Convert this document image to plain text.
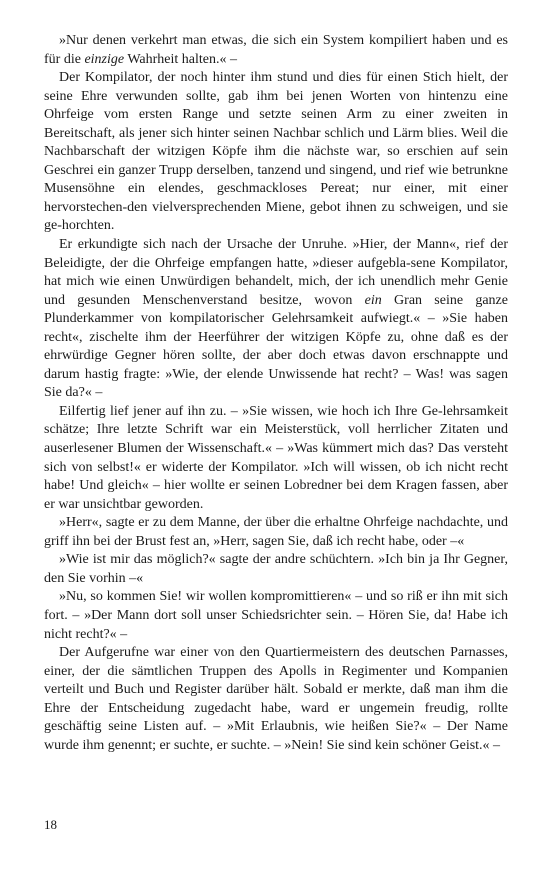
»Nur denen verkehrt man etwas, die sich ein System kompiliert haben und es für die einzige Wahrheit halten.« –

Der Kompilator, der noch hinter ihm stund und dies für einen Stich hielt, der seine Ehre verwunden sollte, gab ihm bei jenen Worten von hintenzu eine Ohrfeige vom ersten Range und setzte seinen Arm zu einer zweiten in Bereitschaft, als jener sich hinter seinen Nachbar schlich und Lärm blies. Weil die Nachbarschaft der witzigen Köpfe ihm die nächste war, so erschien auf sein Geschrei ein ganzer Trupp derselben, tanzend und singend, und rief wie betrunkne Musensöhne ein elendes, geschmackloses Pereat; nur einer, mit einer hervorstechen-den vielversprechenden Miene, gebot ihnen zu schweigen, und sie ge-horchten.

Er erkundigte sich nach der Ursache der Unruhe. »Hier, der Mann«, rief der Beleidigte, der die Ohrfeige empfangen hatte, »dieser aufgebla-sene Kompilator, hat mich wie einen Unwürdigen behandelt, mich, der ich unendlich mehr Genie und gesunden Menschenverstand besitze, wovon ein Gran seine ganze Plunderkammer von kompilatorischer Gelehrsamkeit aufwiegt.« – »Sie haben recht«, zischelte ihm der Heerführer der witzigen Köpfe zu, ohne daß es der ehrwürdige Gegner hören sollte, der aber doch etwas davon erschnappte und darum hastig fragte: »Wie, der elende Unwissende hat recht? – Was! was sagen Sie da?« –

Eilfertig lief jener auf ihn zu. – »Sie wissen, wie hoch ich Ihre Ge-lehrsamkeit schätze; Ihre letzte Schrift war ein Meisterstück, voll herrlicher Zitaten und auserlesener Blumen der Wissenschaft.« – »Was kümmert mich das? Das versteht sich von selbst!« er widerte der Kompilator. »Ich will wissen, ob ich nicht recht habe! Und gleich« – hier wollte er seinen Lobredner bei dem Kragen fassen, aber er war unsichtbar geworden.

»Herr«, sagte er zu dem Manne, der über die erhaltne Ohrfeige nachdachte, und griff ihn bei der Brust fest an, »Herr, sagen Sie, daß ich recht habe, oder –«

»Wie ist mir das möglich?« sagte der andre schüchtern. »Ich bin ja Ihr Gegner, den Sie vorhin –«

»Nu, so kommen Sie! wir wollen kompromittieren« – und so riß er ihn mit sich fort. – »Der Mann dort soll unser Schiedsrichter sein. – Hören Sie, da! Habe ich nicht recht?« –

Der Aufgerufne war einer von den Quartiermeistern des deutschen Parnasses, einer, der die sämtlichen Truppen des Apolls in Regimenter und Kompanien verteilt und Buch und Register darüber hält. Sobald er merkte, daß man ihm die Ehre der Entscheidung zugedacht habe, ward er ungemein freudig, rollte geschäftig seine Listen auf. – »Mit Erlaubnis, wie heißen Sie?« – Der Name wurde ihm genennt; er suchte, er suchte. – »Nein! Sie sind kein schöner Geist.« –

18
